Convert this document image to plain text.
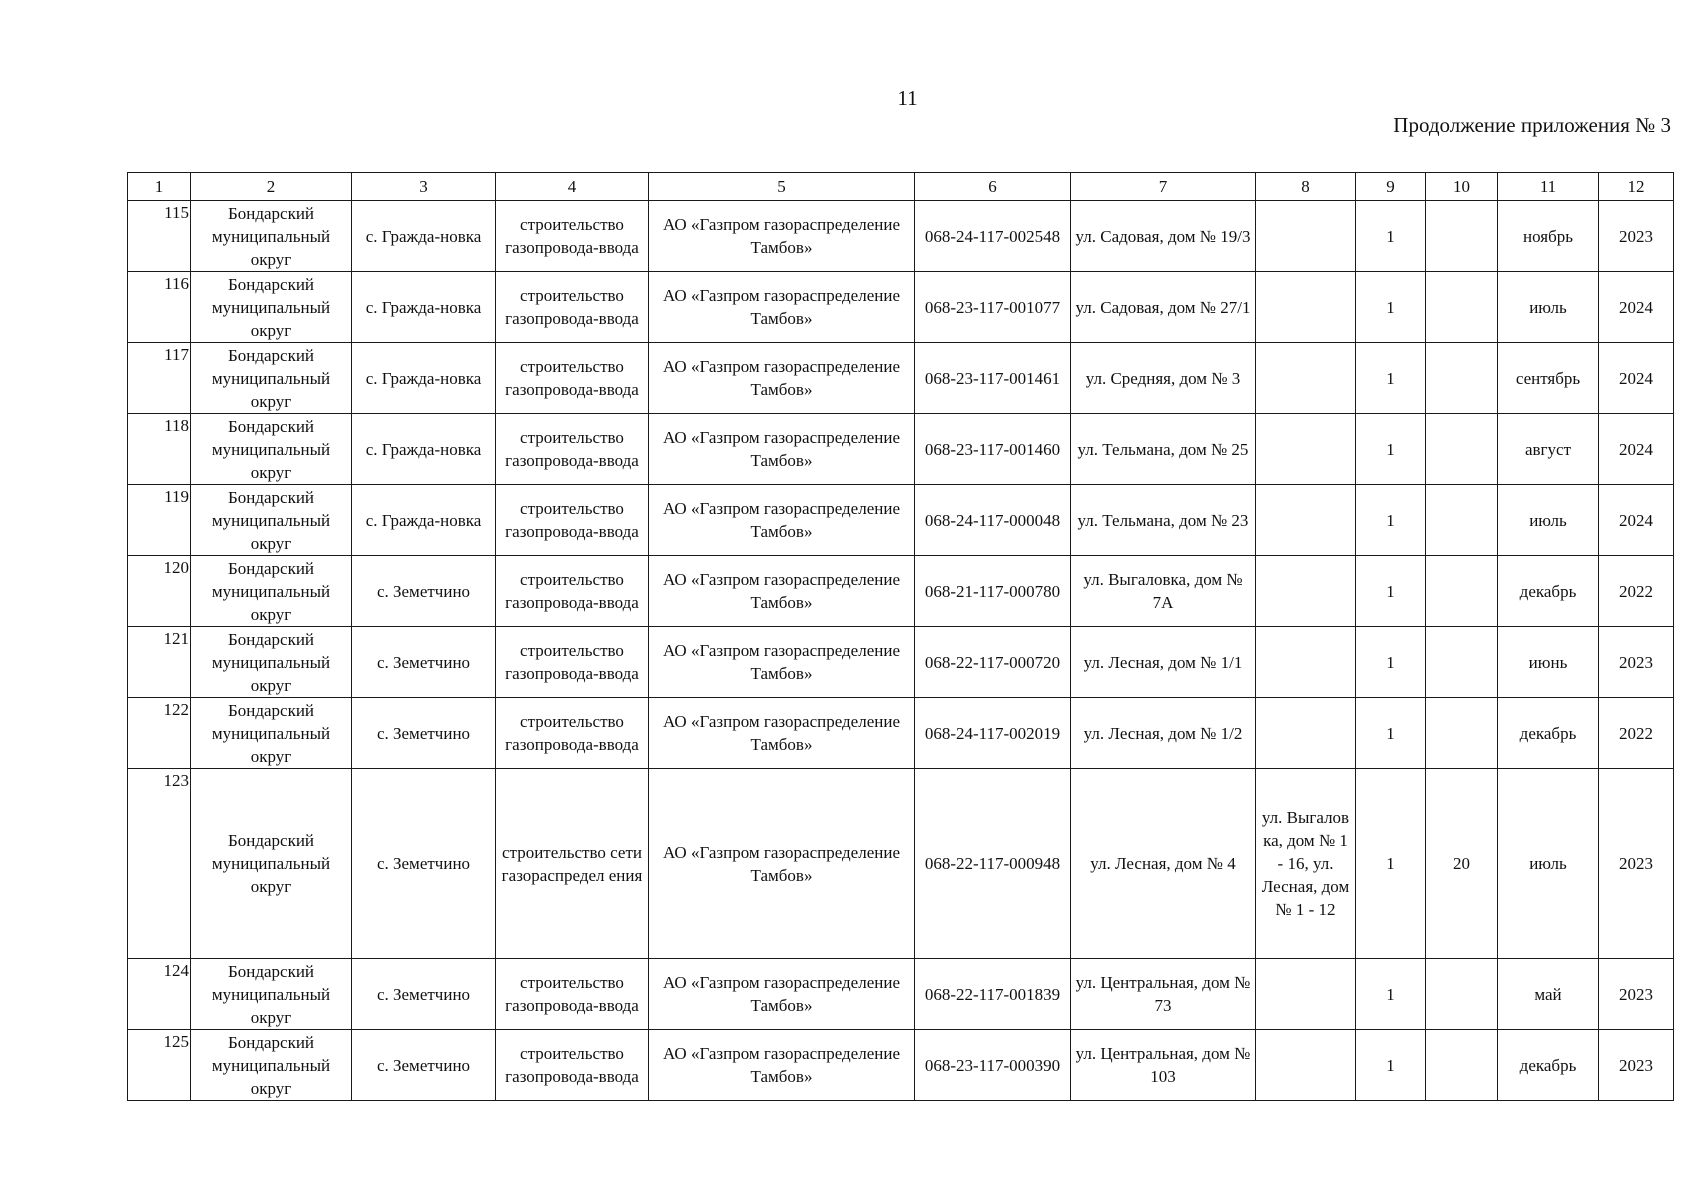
11
Продолжение приложения № 3
1	2	3	4	5	6	7	8	9	10	11	12
115	Бондарский муниципальный округ	с. Гражда-новка	строительство газопровода-ввода	АО «Газпром газораспределение Тамбов»	068-24-117-002548	ул. Садовая, дом № 19/3		1		ноябрь	2023
116	Бондарский муниципальный округ	с. Гражда-новка	строительство газопровода-ввода	АО «Газпром газораспределение Тамбов»	068-23-117-001077	ул. Садовая, дом № 27/1		1		июль	2024
117	Бондарский муниципальный округ	с. Гражда-новка	строительство газопровода-ввода	АО «Газпром газораспределение Тамбов»	068-23-117-001461	ул. Средняя, дом № 3		1		сентябрь	2024
118	Бондарский муниципальный округ	с. Гражда-новка	строительство газопровода-ввода	АО «Газпром газораспределение Тамбов»	068-23-117-001460	ул. Тельмана, дом № 25		1		август	2024
119	Бондарский муниципальный округ	с. Гражда-новка	строительство газопровода-ввода	АО «Газпром газораспределение Тамбов»	068-24-117-000048	ул. Тельмана, дом № 23		1		июль	2024
120	Бондарский муниципальный округ	с. Земетчино	строительство газопровода-ввода	АО «Газпром газораспределение Тамбов»	068-21-117-000780	ул. Выгаловка, дом № 7А		1		декабрь	2022
121	Бондарский муниципальный округ	с. Земетчино	строительство газопровода-ввода	АО «Газпром газораспределение Тамбов»	068-22-117-000720	ул. Лесная, дом № 1/1		1		июнь	2023
122	Бондарский муниципальный округ	с. Земетчино	строительство газопровода-ввода	АО «Газпром газораспределение Тамбов»	068-24-117-002019	ул. Лесная, дом № 1/2		1		декабрь	2022
123	Бондарский муниципальный округ	с. Земетчино	строительство сети газораспредел ения	АО «Газпром газораспределение Тамбов»	068-22-117-000948	ул. Лесная, дом № 4	ул. Выгалов ка, дом № 1 - 16, ул. Лесная, дом № 1 - 12	1	20	июль	2023
124	Бондарский муниципальный округ	с. Земетчино	строительство газопровода-ввода	АО «Газпром газораспределение Тамбов»	068-22-117-001839	ул. Центральная, дом № 73		1		май	2023
125	Бондарский муниципальный округ	с. Земетчино	строительство газопровода-ввода	АО «Газпром газораспределение Тамбов»	068-23-117-000390	ул. Центральная, дом № 103		1		декабрь	2023
